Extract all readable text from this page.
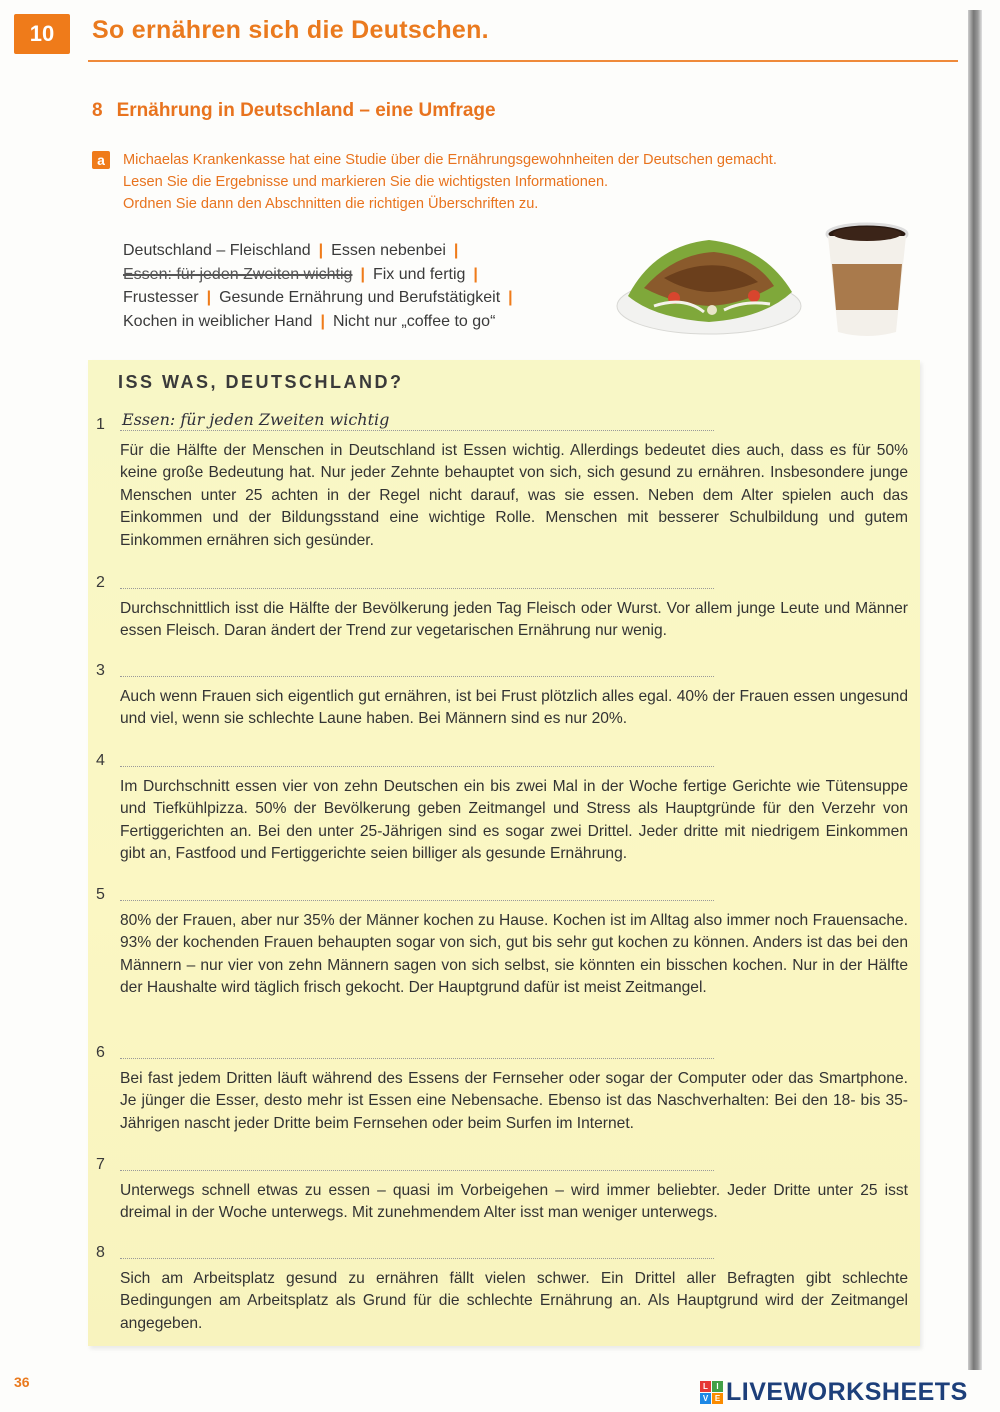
10	So ernähren sich die Deutschen.
8 Ernährung in Deutschland – eine Umfrage
a	Michaelas Krankenkasse hat eine Studie über die Ernährungsgewohnheiten der Deutschen gemacht.
Lesen Sie die Ergebnisse und markieren Sie die wichtigsten Informationen.
Ordnen Sie dann den Abschnitten die richtigen Überschriften zu.
Deutschland – Fleischland | Essen nebenbei |
Essen: für jeden Zweiten wichtig | Fix und fertig |
Frustesser | Gesunde Ernährung und Berufstätigkeit |
Kochen in weiblicher Hand | Nicht nur „coffee to go“
ISS WAS, DEUTSCHLAND?
1 Essen: für jeden Zweiten wichtig
Für die Hälfte der Menschen in Deutschland ist Essen wichtig. Allerdings bedeutet dies auch, dass es für 50% keine große Bedeutung hat. Nur jeder Zehnte behauptet von sich, sich gesund zu ernähren. Insbesondere junge Menschen unter 25 achten in der Regel nicht darauf, was sie essen. Neben dem Alter spielen auch das Einkommen und der Bildungsstand eine wichtige Rolle. Menschen mit besserer Schulbildung und gutem Einkommen ernähren sich gesünder.
2
Durchschnittlich isst die Hälfte der Bevölkerung jeden Tag Fleisch oder Wurst. Vor allem junge Leute und Männer essen Fleisch. Daran ändert der Trend zur vegetarischen Ernährung nur wenig.
3
Auch wenn Frauen sich eigentlich gut ernähren, ist bei Frust plötzlich alles egal. 40% der Frauen essen ungesund und viel, wenn sie schlechte Laune haben. Bei Männern sind es nur 20%.
4
Im Durchschnitt essen vier von zehn Deutschen ein bis zwei Mal in der Woche fertige Gerichte wie Tütensuppe und Tiefkühlpizza. 50% der Bevölkerung geben Zeitmangel und Stress als Hauptgründe für den Verzehr von Fertiggerichten an. Bei den unter 25-Jährigen sind es sogar zwei Drittel. Jeder dritte mit niedrigem Einkommen gibt an, Fastfood und Fertiggerichte seien billiger als gesunde Ernährung.
5
80% der Frauen, aber nur 35% der Männer kochen zu Hause. Kochen ist im Alltag also immer noch Frauensache. 93% der kochenden Frauen behaupten sogar von sich, gut bis sehr gut kochen zu können. Anders ist das bei den Männern – nur vier von zehn Männern sagen von sich selbst, sie könnten ein bisschen kochen. Nur in der Hälfte der Haushalte wird täglich frisch gekocht. Der Hauptgrund dafür ist meist Zeitmangel.
6
Bei fast jedem Dritten läuft während des Essens der Fernseher oder sogar der Computer oder das Smartphone. Je jünger die Esser, desto mehr ist Essen eine Nebensache. Ebenso ist das Naschverhalten: Bei den 18- bis 35-Jährigen nascht jeder Dritte beim Fernsehen oder beim Surfen im Internet.
7
Unterwegs schnell etwas zu essen – quasi im Vorbeigehen – wird immer beliebter. Jeder Dritte unter 25 isst dreimal in der Woche unterwegs. Mit zunehmendem Alter isst man weniger unterwegs.
8
Sich am Arbeitsplatz gesund zu ernähren fällt vielen schwer. Ein Drittel aller Befragten gibt schlechte Bedingungen am Arbeitsplatz als Grund für die schlechte Ernährung an. Als Hauptgrund wird der Zeitmangel angegeben.
36	L	I
V E LIVEWORKSHEETS
